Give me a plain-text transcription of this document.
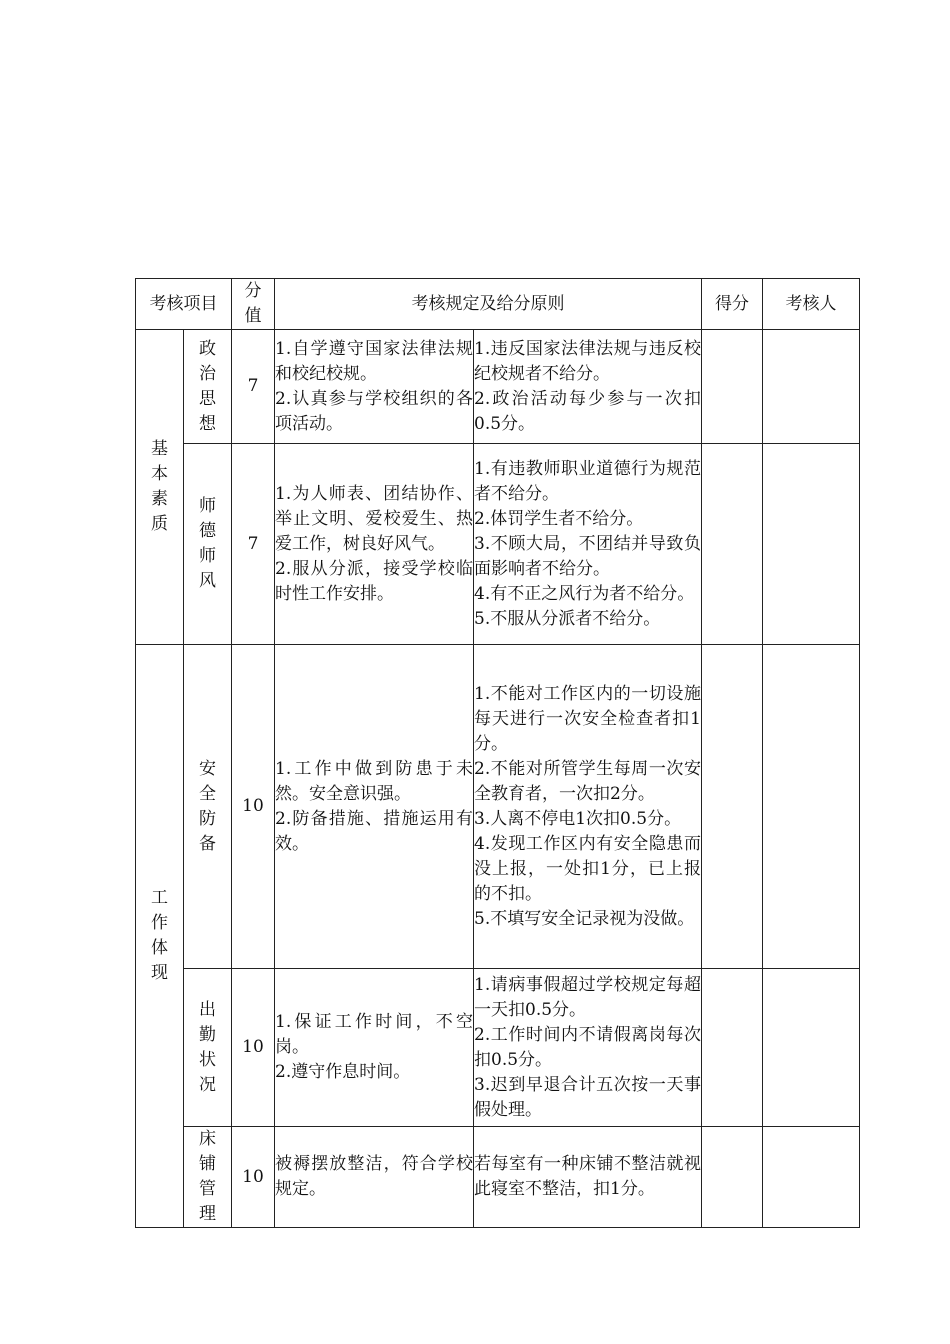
考核项目		分值	考核规定及给分原则		得分	考核人
基本素质	政治思想	7	1.自学遵守国家法律法规和校纪校规。
2.认真参与学校组织的各项活动。	1.违反国家法律法规与违反校纪校规者不给分。
2.政治活动每少参与一次扣0.5分。		

	师德师风	7	1.为人师表、团结协作、举止文明、爱校爱生、热爱工作，树良好风气。
2.服从分派，接受学校临时性工作安排。	1.有违教师职业道德行为规范者不给分。
2.体罚学生者不给分。
3.不顾大局，不团结并导致负面影响者不给分。
4.有不正之风行为者不给分。
5.不服从分派者不给分。		

工作体现	安全防备	10	1.工作中做到防患于未然。安全意识强。
2.防备措施、措施运用有效。	1.不能对工作区内的一切设施每天进行一次安全检查者扣1分。
2.不能对所管学生每周一次安全教育者，一次扣2分。
3.人离不停电1次扣0.5分。
4.发现工作区内有安全隐患而没上报，一处扣1分，已上报的不扣。
5.不填写安全记录视为没做。		

	出勤状况	10	1.保证工作时间，不空岗。
2.遵守作息时间。	1.请病事假超过学校规定每超一天扣0.5分。
2.工作时间内不请假离岗每次扣0.5分。
3.迟到早退合计五次按一天事假处理。		

	床铺管理	10	被褥摆放整洁，符合学校规定。	若每室有一种床铺不整洁就视此寝室不整洁，扣1分。		
